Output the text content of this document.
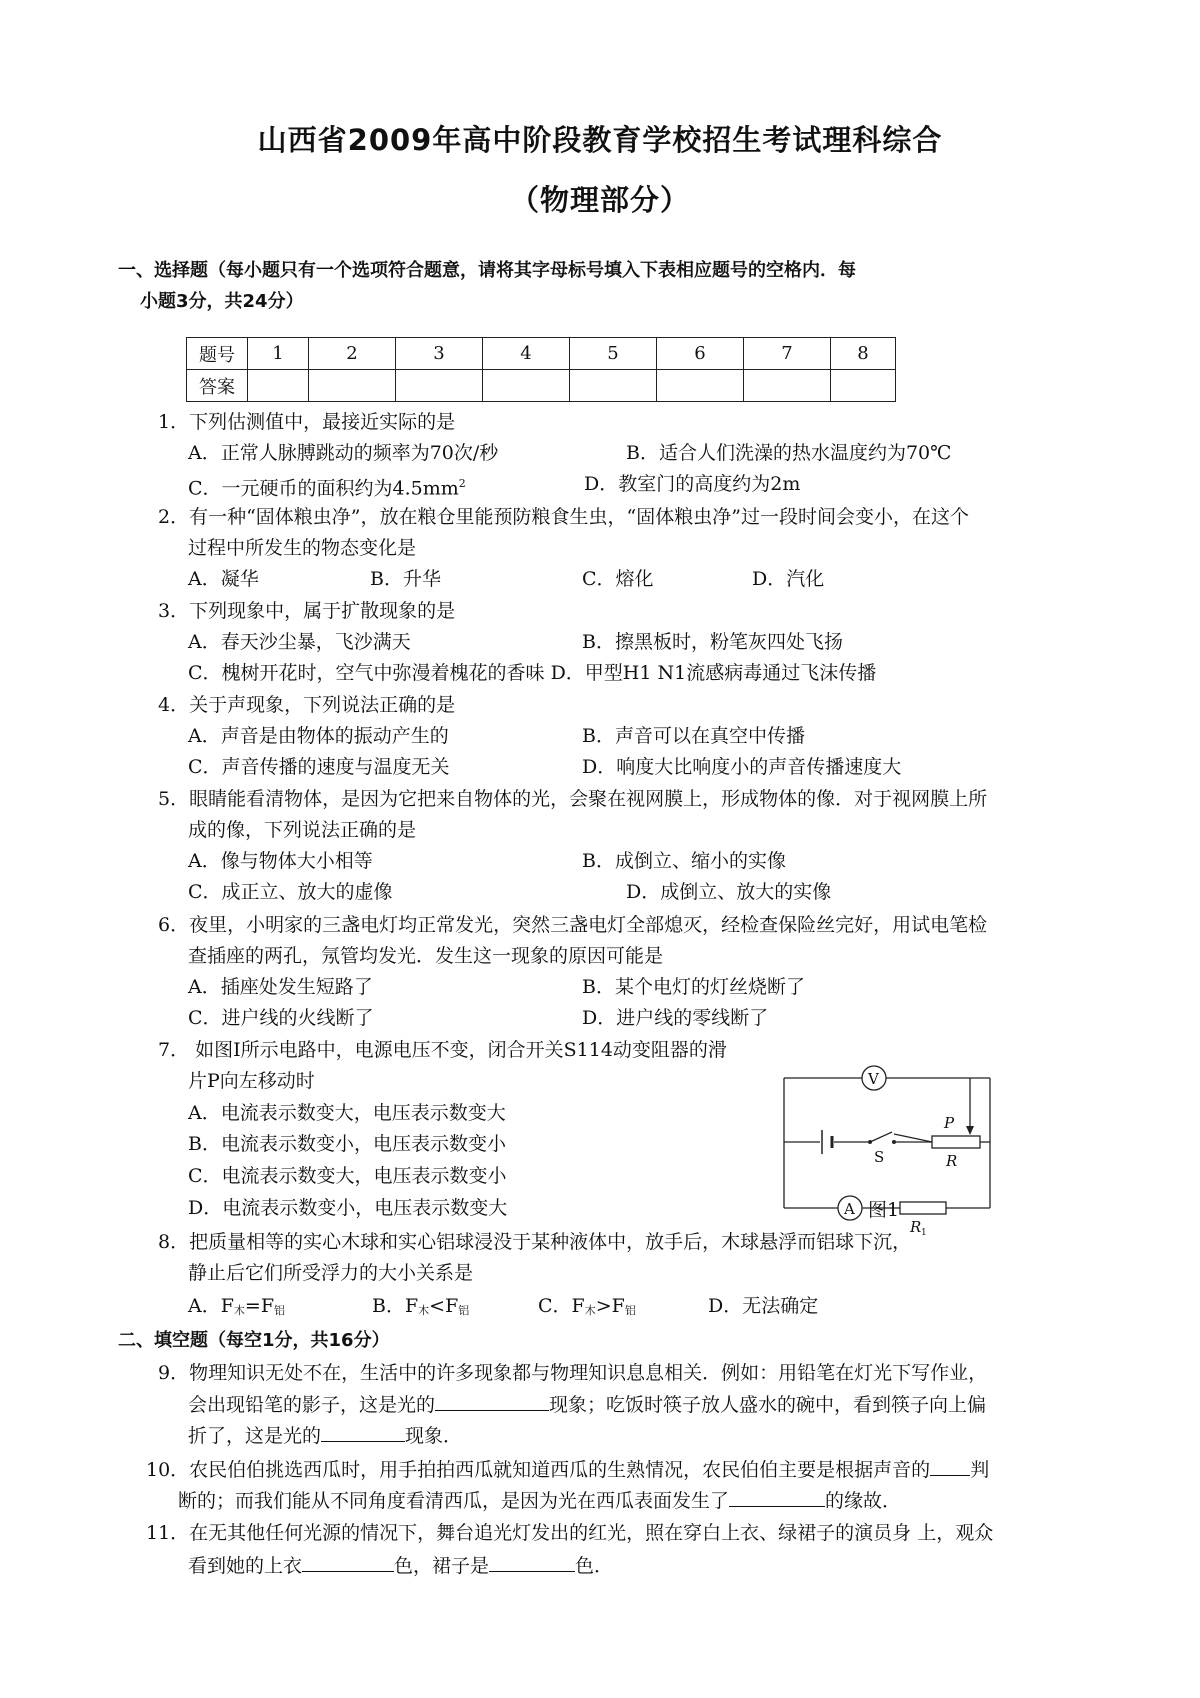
山西省2009年高中阶段教育学校招生考试理科综合
（物理部分）
一、选择题（每小题只有一个选项符合题意，请将其字母标号填入下表相应题号的空格内．每
小题3分，共24分）
题号	1	2	3	4	5	6	7	8
答案								
1．下列估测值中，最接近实际的是
A．正常人脉膊跳动的频率为70次/秒	B．适合人们洗澡的热水温度约为70℃
C．一元硬币的面积约为$4.5mm^2$	D．教室门的高度约为2m
2．有一种“固体粮虫净”，放在粮仓里能预防粮食生虫，“固体粮虫净”过一段时间会变小，在这个
过程中所发生的物态变化是
A．凝华	B．升华	C．熔化	D．汽化
3．下列现象中，属于扩散现象的是
A．春天沙尘暴，飞沙满天	B．擦黑板时，粉笔灰四处飞扬
C．槐树开花时，空气中弥漫着槐花的香味 D．甲型H1 N1流感病毒通过飞沫传播
4．关于声现象，下列说法正确的是
A．声音是由物体的振动产生的	B．声音可以在真空中传播
C．声音传播的速度与温度无关	D．响度大比响度小的声音传播速度大
5．眼睛能看清物体，是因为它把来自物体的光，会聚在视网膜上，形成物体的像．对于视网膜上所
成的像，下列说法正确的是
A．像与物体大小相等	B．成倒立、缩小的实像
C．成正立、放大的虚像	D．成倒立、放大的实像
6．夜里，小明家的三盏电灯均正常发光，突然三盏电灯全部熄灭，经检查保险丝完好，用试电笔检
查插座的两孔，氖管均发光．发生这一现象的原因可能是
A．插座处发生短路了	B．某个电灯的灯丝烧断了
C．进户线的火线断了	D．进户线的零线断了
7． 如图I所示电路中，电源电压不变，闭合开关S114动变阻器的滑
片P向左移动时
A．电流表示数变大，电压表示数变大
B．电流表示数变小，电压表示数变小
C．电流表示数变大，电压表示数变小
D．电流表示数变小，电压表示数变大
V
A
P
S	R
R 1
图1
8．把质量相等的实心木球和实心铝球浸没于某种液体中，放手后，木球悬浮而铝球下沉，
静止后它们所受浮力的大小关系是
A．$F_木=F_铝$	B．$F_木<F_铝$	C．$F_木>F_铝$	D．无法确定
二、填空题（每空1分，共16分）
9．物理知识无处不在，生活中的许多现象都与物理知识息息相关．例如：用铅笔在灯光下写作业，
会出现铅笔的影子，这是光的	现象；吃饭时筷子放人盛水的碗中，看到筷子向上偏
折了，这是光的	现象．
10．农民伯伯挑选西瓜时，用手拍拍西瓜就知道西瓜的生熟情况，农民伯伯主要是根据声音的 判
断的；而我们能从不同角度看清西瓜，是因为光在西瓜表面发生了	的缘故．
11．在无其他任何光源的情况下，舞台追光灯发出的红光，照在穿白上衣、绿裙子的演员身 上，观众
看到她的上衣	色，裙子是	色．
